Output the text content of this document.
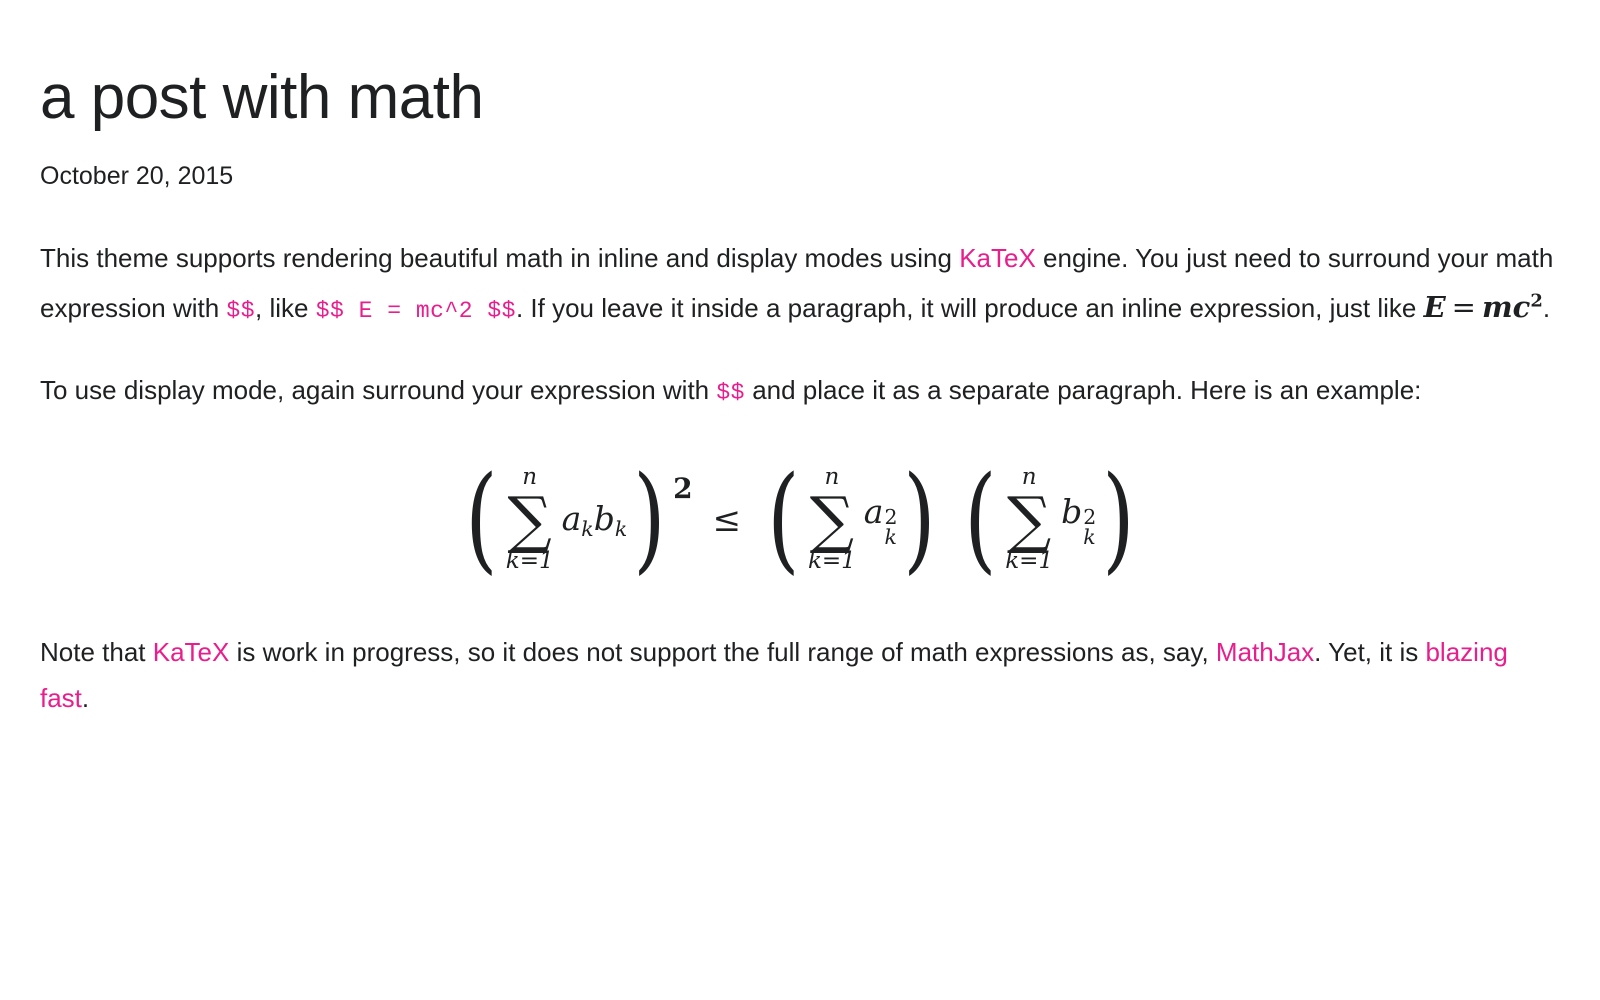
a post with math
October 20, 2015

This theme supports rendering beautiful math in inline and display modes using KaTeX engine. You just need to surround your math expression with $$, like $$ E = mc^2 $$. If you leave it inside a paragraph, it will produce an inline expression, just like $E = mc^2$.

To use display mode, again surround your expression with $$ and place it as a separate paragraph. Here is an example:

( n
∑
k=1
$a_kb_k$ ) 2
≤ ( n
∑
k=1
a 2
k ) ( n
∑
k=1
b 2
k )

Note that KaTeX is work in progress, so it does not support the full range of math expressions as, say, MathJax. Yet, it is blazing fast.
